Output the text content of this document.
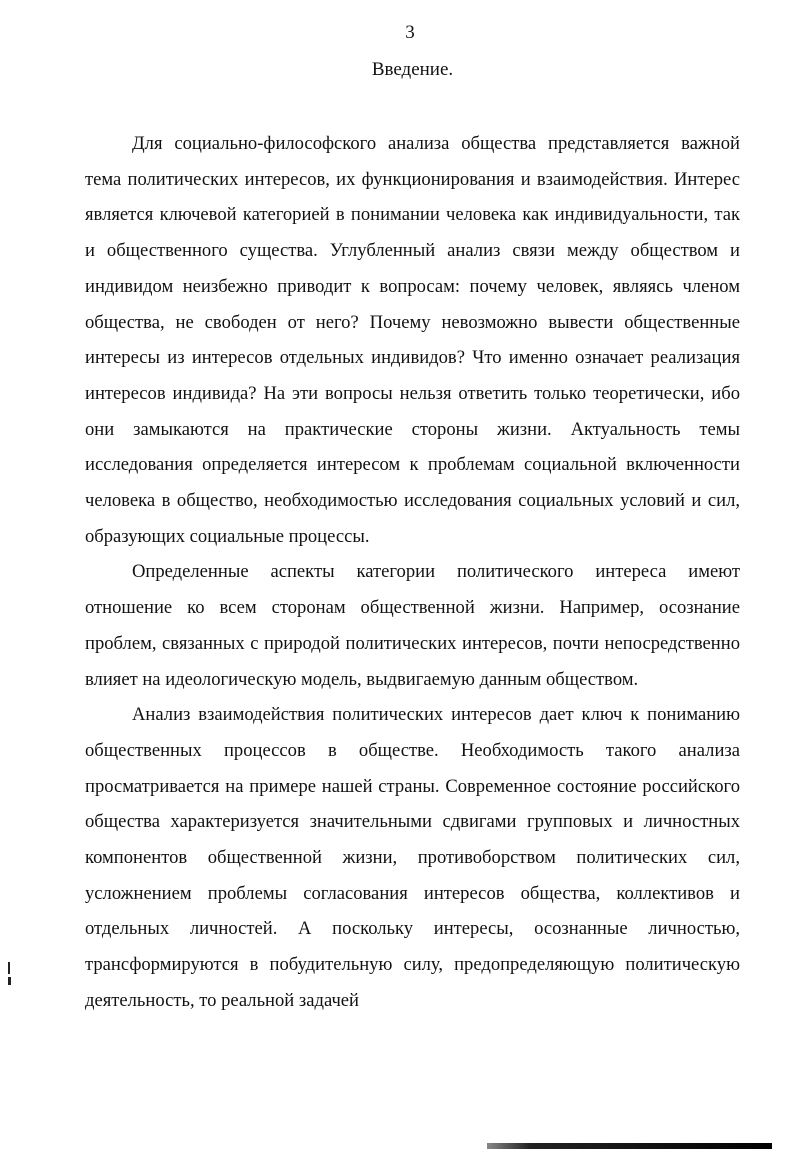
3
Введение.

Для социально-философского анализа общества представляется важной тема политических интересов, их функционирования и взаимодействия. Интерес является ключевой категорией в понимании человека как индивидуальности, так и общественного существа. Углубленный анализ связи между обществом и индивидом неизбежно приводит к вопросам: почему человек, являясь членом общества, не свободен от него? Почему невозможно вывести общественные интересы из интересов отдельных индивидов? Что именно означает реализация интересов индивида? На эти вопросы нельзя ответить только теоретически, ибо они замыкаются на практические стороны жизни. Актуальность темы исследования определяется интересом к проблемам социальной включенности человека в общество, необходимостью исследования социальных условий и сил, образующих социальные процессы.

Определенные аспекты категории политического интереса имеют отношение ко всем сторонам общественной жизни. Например, осознание проблем, связанных с природой политических интересов, почти непосредственно влияет на идеологическую модель, выдвигаемую данным обществом.

Анализ взаимодействия политических интересов дает ключ к пониманию общественных процессов в обществе. Необходимость такого анализа просматривается на примере нашей страны. Современное состояние российского общества характеризуется значительными сдвигами групповых и личностных компонентов общественной жизни, противоборством политических сил, усложнением проблемы согласования интересов общества, коллективов и отдельных личностей. А поскольку интересы, осознанные личностью, трансформируются в побудительную силу, предопределяющую политическую деятельность, то реальной задачей
